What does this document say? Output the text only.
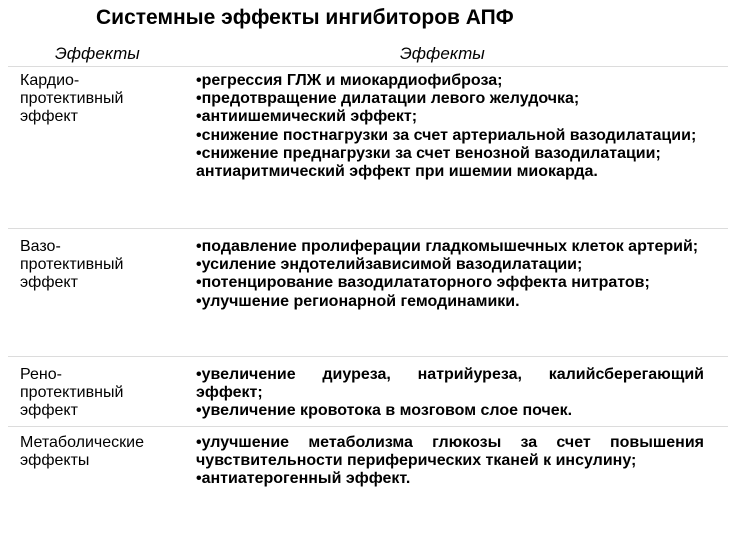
Системные эффекты ингибиторов АПФ
Эффекты	Эффекты
Кардио-
протективный
эффект
•регрессия ГЛЖ и миокардиофиброза;
•предотвращение дилатации левого желудочка;
•антиишемический эффект;
•снижение постнагрузки за счет артериальной вазодилатации;
•снижение преднагрузки за счет венозной вазодилатации;
антиаритмический эффект при ишемии миокарда.
Вазо-
протективный
эффект
•подавление пролиферации гладкомышечных клеток артерий;
•усиление эндотелийзависимой вазодилатации;
•потенцирование вазодилататорного эффекта нитратов;
•улучшение регионарной гемодинамики.
Рено-
протективный
эффект
•увеличение диуреза, натрийуреза, калийсберегающий эффект;
•увеличение кровотока в мозговом слое почек.
Метаболические
эффекты
•улучшение метаболизма глюкозы за счет повышения чувствительности периферических тканей к инсулину;
•антиатерогенный эффект.
